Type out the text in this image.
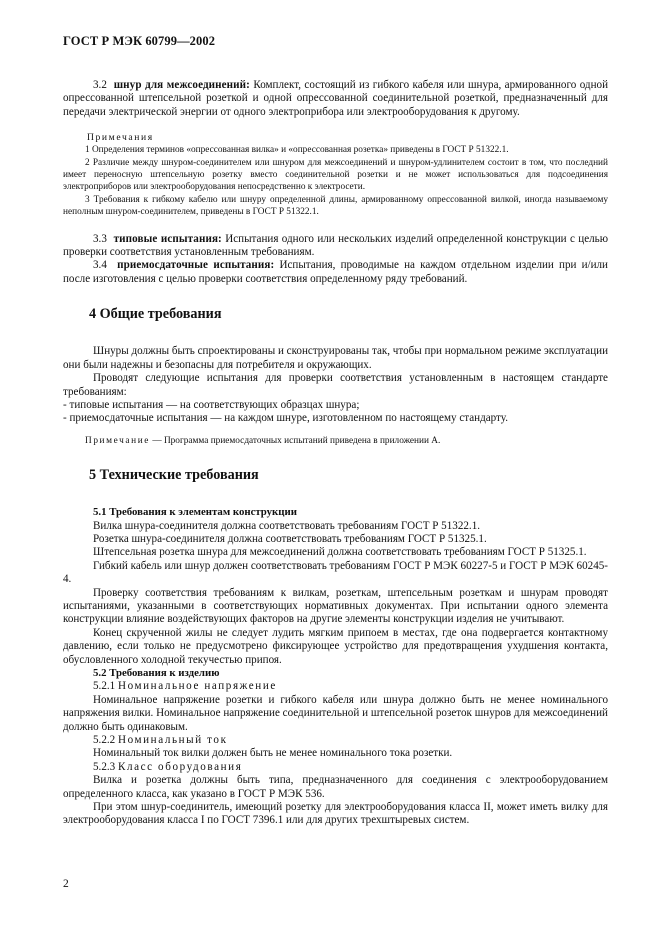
ГОСТ Р МЭК 60799—2002

3.2 шнур для межсоединений: Комплект, состоящий из гибкого кабеля или шнура, армированного одной опрессованной штепсельной розеткой и одной опрессованной соединительной розеткой, предназначенный для передачи электрической энергии от одного электроприбора или электрооборудования к другому.

Примечания

1 Определения терминов «опрессованная вилка» и «опрессованная розетка» приведены в ГОСТ Р 51322.1.

2 Различие между шнуром-соединителем или шнуром для межсоединений и шнуром-удлинителем состоит в том, что последний имеет переносную штепсельную розетку вместо соединительной розетки и не может использоваться для подсоединения электроприборов или электрооборудования непосредственно к электросети.

3 Требования к гибкому кабелю или шнуру определенной длины, армированному опрессованной вилкой, иногда называемому неполным шнуром-соединителем, приведены в ГОСТ Р 51322.1.

3.3 типовые испытания: Испытания одного или нескольких изделий определенной конструкции с целью проверки соответствия установленным требованиям.

3.4 приемосдаточные испытания: Испытания, проводимые на каждом отдельном изделии при и/или после изготовления с целью проверки соответствия определенному ряду требований.

4 Общие требования

Шнуры должны быть спроектированы и сконструированы так, чтобы при нормальном режиме эксплуатации они были надежны и безопасны для потребителя и окружающих.

Проводят следующие испытания для проверки соответствия установленным в настоящем стандарте требованиям:

- типовые испытания — на соответствующих образцах шнура;

- приемосдаточные испытания — на каждом шнуре, изготовленном по настоящему стандарту.

Примечание — Программа приемосдаточных испытаний приведена в приложении А.

5 Технические требования
5.1 Требования к элементам конструкции

Вилка шнура-соединителя должна соответствовать требованиям ГОСТ Р 51322.1.

Розетка шнура-соединителя должна соответствовать требованиям ГОСТ Р 51325.1.

Штепсельная розетка шнура для межсоединений должна соответствовать требованиям ГОСТ Р 51325.1.

Гибкий кабель или шнур должен соответствовать требованиям ГОСТ Р МЭК 60227-5 и ГОСТ Р МЭК 60245-4.

Проверку соответствия требованиям к вилкам, розеткам, штепсельным розеткам и шнурам проводят испытаниями, указанными в соответствующих нормативных документах. При испытании одного элемента конструкции влияние воздействующих факторов на другие элементы конструкции изделия не учитывают.

Конец скрученной жилы не следует лудить мягким припоем в местах, где она подвергается контактному давлению, если только не предусмотрено фиксирующее устройство для предотвращения ухудшения контакта, обусловленного холодной текучестью припоя.

5.2 Требования к изделию

5.2.1 Номинальное напряжение

Номинальное напряжение розетки и гибкого кабеля или шнура должно быть не менее номинального напряжения вилки. Номинальное напряжение соединительной и штепсельной розеток шнуров для межсоединений должно быть одинаковым.

5.2.2 Номинальный ток

Номинальный ток вилки должен быть не менее номинального тока розетки.

5.2.3 Класс оборудования

Вилка и розетка должны быть типа, предназначенного для соединения с электрооборудованием определенного класса, как указано в ГОСТ Р МЭК 536.

При этом шнур-соединитель, имеющий розетку для электрооборудования класса II, может иметь вилку для электрооборудования класса I по ГОСТ 7396.1 или для других трехштыревых систем.

2
